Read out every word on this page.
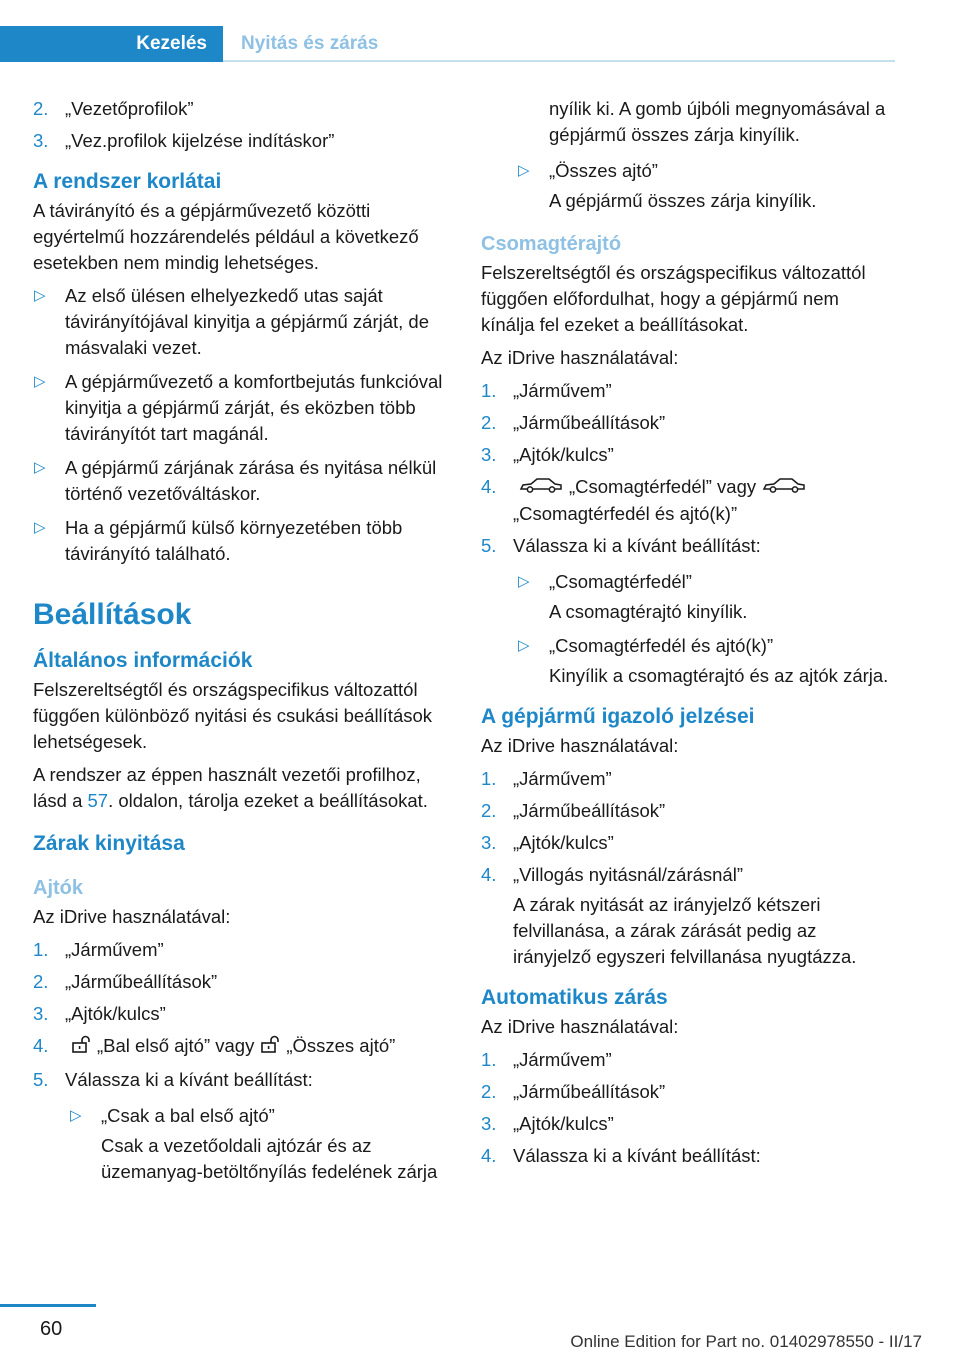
Kezelés	Nyitás és zárás
2. „Vezetőprofilok”
3. „Vez.profilok kijelzése indításkor”
A rendszer korlátai

A távirányító és a gépjárművezető közötti egyértelmű hozzárendelés például a következő esetekben nem mindig lehetséges.

▷ Az első ülésen elhelyezkedő utas saját távirányítójával kinyitja a gépjármű zárját, de másvalaki vezet.
▷ A gépjárművezető a komfortbejutás funkcióval kinyitja a gépjármű zárját, és eközben több távirányítót tart magánál.
▷ A gépjármű zárjának zárása és nyitása nélkül történő vezetőváltáskor.
▷ Ha a gépjármű külső környezetében több távirányító található.
Beállítások
Általános információk

Felszereltségtől és országspecifikus változattól függően különböző nyitási és csukási beállítások lehetségesek.

A rendszer az éppen használt vezetői profilhoz, lásd a 57. oldalon, tárolja ezeket a beállításokat.

Zárak kinyitása
Ajtók

Az iDrive használatával:

1. „Járművem”
2. „Járműbeállítások”
3. „Ajtók/kulcs”
4.	„Bal első ajtó” vagy „Összes ajtó”
5. Válassza ki a kívánt beállítást:
▷ „Csak a bal első ajtó”
Csak a vezetőoldali ajtózár és az üzemanyag-betöltőnyílás fedelének zárja
nyílik ki. A gomb újbóli megnyomásával a gépjármű összes zárja kinyílik.
▷ „Összes ajtó”
A gépjármű összes zárja kinyílik.
Csomagtérajtó

Felszereltségtől és országspecifikus változattól függően előfordulhat, hogy a gépjármű nem kínálja fel ezeket a beállításokat.

Az iDrive használatával:

1. „Járművem”
2. „Járműbeállítások”
3. „Ajtók/kulcs”
4.	„Csomagtérfedél” vagy
„Csomagtérfedél és ajtó(k)”
5. Válassza ki a kívánt beállítást:
▷ „Csomagtérfedél”
A csomagtérajtó kinyílik.
▷ „Csomagtérfedél és ajtó(k)”
Kinyílik a csomagtérajtó és az ajtók zárja.
A gépjármű igazoló jelzései

Az iDrive használatával:

1. „Járművem”
2. „Járműbeállítások”
3. „Ajtók/kulcs”
4. „Villogás nyitásnál/zárásnál”
A zárak nyitását az irányjelző kétszeri felvillanása, a zárak zárását pedig az irányjelző egyszeri felvillanása nyugtázza.
Automatikus zárás

Az iDrive használatával:

1. „Járművem”
2. „Járműbeállítások”
3. „Ajtók/kulcs”
4. Válassza ki a kívánt beállítást:
60
Online Edition for Part no. 01402978550 - II/17
